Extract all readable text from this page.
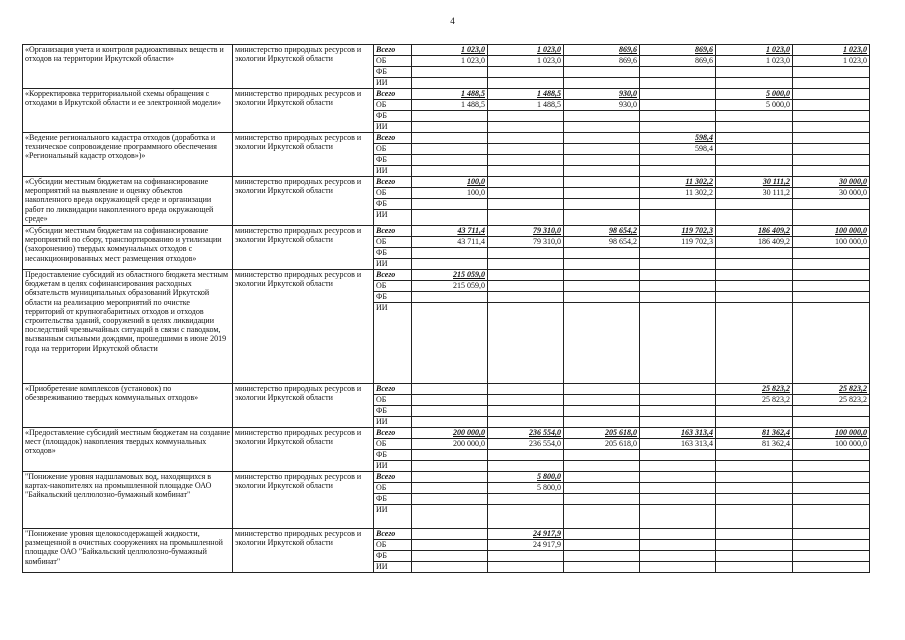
4
«Организация учета и контроля радиоактивных веществ и отходов на территории Иркутской области»	министерство природных ресурсов и экологии Иркутской области	Всего	1 023,0	1 023,0	869,6	869,6	1 023,0	1 023,0
		ОБ	1 023,0	1 023,0	869,6	869,6	1 023,0	1 023,0
		ФБ						
		ИИ						
«Корректировка территориальной схемы обращения с отходами в Иркутской области и ее электронной модели»	министерство природных ресурсов и экологии Иркутской области	Всего	1 488,5	1 488,5	930,0		5 000,0	
		ОБ	1 488,5	1 488,5	930,0		5 000,0	
		ФБ						
		ИИ						
«Ведение регионального кадастра отходов (доработка и техническое сопровождение программного обеспечения «Региональный кадастр отходов»)»	министерство природных ресурсов и экологии Иркутской области	Всего				598,4		
		ОБ				598,4		
		ФБ						
		ИИ						
«Субсидии местным бюджетам на софинансирование мероприятий на выявление и оценку объектов накопленного вреда окружающей среде и организации работ по ликвидации накопленного вреда окружающей среде»	министерство природных ресурсов и экологии Иркутской области	Всего	100,0			11 302,2	30 111,2	30 000,0
		ОБ	100,0			11 302,2	30 111,2	30 000,0
		ФБ						
		ИИ						
«Субсидии местным бюджетам на софинансирование мероприятий по сбору, транспортированию и утилизации (захоронению) твердых коммунальных отходов с несанкционированных мест размещения отходов»	министерство природных ресурсов и экологии Иркутской области	Всего	43 711,4	79 310,0	98 654,2	119 702,3	186 409,2	100 000,0
		ОБ	43 711,4	79 310,0	98 654,2	119 702,3	186 409,2	100 000,0
		ФБ						
		ИИ						
Предоставление субсидий из областного бюджета местным бюджетам в целях софинансирования расходных обязательств муниципальных образований Иркутской области на реализацию мероприятий по очистке территорий от крупногабаритных отходов и отходов строительства зданий, сооружений в целях ликвидации последствий чрезвычайных ситуаций в связи с паводком, вызванным сильными дождями, прошедшими в июне 2019 года на территории Иркутской области	министерство природных ресурсов и экологии Иркутской области	Всего	215 059,0					
		ОБ	215 059,0					
		ФБ						
		ИИ						
«Приобретение комплексов (установок) по обезвреживанию твердых коммунальных отходов»	министерство природных ресурсов и экологии Иркутской области	Всего					25 823,2	25 823,2
		ОБ					25 823,2	25 823,2
		ФБ						
		ИИ						
«Предоставление субсидий местным бюджетам на создание мест (площадок) накопления твердых коммунальных отходов»	министерство природных ресурсов и экологии Иркутской области	Всего	200 000,0	236 554,0	205 618,0	163 313,4	81 362,4	100 000,0
		ОБ	200 000,0	236 554,0	205 618,0	163 313,4	81 362,4	100 000,0
		ФБ						
		ИИ						
"Понижение уровня надшламовых вод, находящихся в картах-накопителях на промышленной площадке ОАО "Байкальский целлюлозно-бумажный комбинат"	министерство природных ресурсов и экологии Иркутской области	Всего		5 800,0				
		ОБ		5 800,0				
		ФБ						
		ИИ						
"Понижение уровня щелокосодержащей жидкости, размещенной в очистных сооружениях на промышленной площадке ОАО "Байкальский целлюлозно-бумажный комбинат"	министерство природных ресурсов и экологии Иркутской области	Всего		24 917,9				
		ОБ		24 917,9				
		ФБ						
		ИИ						
